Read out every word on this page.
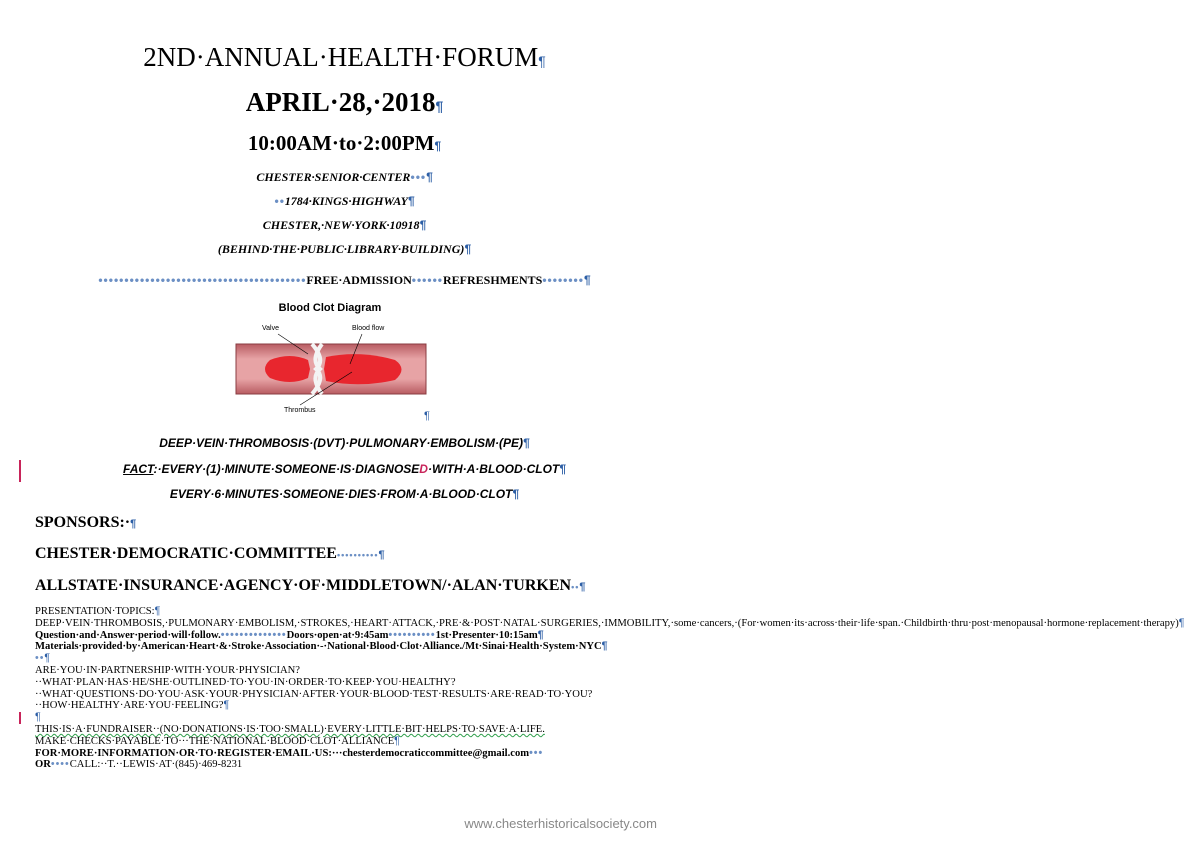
2ND·ANNUAL·HEALTH·FORUM¶
APRIL·28,·2018¶
10:00AM·to·2:00PM¶
CHESTER·SENIOR·CENTER•••¶
••1784·KINGS·HIGHWAY¶
CHESTER,·NEW·YORK·10918¶
(BEHIND·THE·PUBLIC·LIBRARY·BUILDING)¶
••••••••••••••••••••••••••••••••••••••••FREE·ADMISSION••••••REFRESHMENTS••••••••¶
Blood Clot Diagram
Valve	Blood flow
Thrombus	¶
DEEP·VEIN·THROMBOSIS·(DVT)·PULMONARY·EMBOLISM·(PE)¶
FACT:·EVERY·(1)·MINUTE·SOMEONE·IS·DIAGNOSED·WITH·A·BLOOD·CLOT¶
EVERY·6·MINUTES·SOMEONE·DIES·FROM·A·BLOOD·CLOT¶
SPONSORS:·¶
CHESTER·DEMOCRATIC·COMMITTEE••••••••••¶
ALLSTATE·INSURANCE·AGENCY·OF·MIDDLETOWN/·ALAN·TURKEN••¶

PRESENTATION·TOPICS:¶

DEEP·VEIN·THROMBOSIS,·PULMONARY·EMBOLISM,·STROKES,·HEART·ATTACK,·PRE·&·POST·NATAL·SURGERIES,·IMMOBILITY,·some·cancers,·(For·women·its·across·their·life·span.·Childbirth·thru·post·menopausal·hormone·replacement·therapy)¶

Question·and·Answer·period·will·follow.••••••••••••••Doors·open·at·9:45am••••••••••1st·Presenter·10:15am¶

Materials·provided·by·American·Heart·&·Stroke·Association·-·National·Blood·Clot·Alliance./Mt·Sinai·Health·System·NYC¶

••¶

ARE·YOU·IN·PARTNERSHIP·WITH·YOUR·PHYSICIAN?··WHAT·PLAN·HAS·HE/SHE·OUTLINED·TO·YOU·IN·ORDER·TO·KEEP·YOU·HEALTHY?··WHAT·QUESTIONS·DO·YOU·ASK·YOUR·PHYSICIAN·AFTER·YOUR·BLOOD·TEST·RESULTS·ARE·READ·TO·YOU?··HOW·HEALTHY·ARE·YOU·FEELING?¶

¶

THIS·IS·A·FUNDRAISER··(NO·DONATIONS·IS·TOO·SMALL)·EVERY·LITTLE·BIT·HELPS·TO·SAVE·A·LIFE.

MAKE·CHECKS·PAYABLE·TO···THE·NATIONAL·BLOOD·CLOT·ALLIANCE¶

FOR·MORE·INFORMATION·OR·TO·REGISTER·EMAIL·US:···chesterdemocraticcommittee@gmail.com•••

OR••••CALL:··T.··LEWIS·AT·(845)·469-8231

www.chesterhistoricalsociety.com
